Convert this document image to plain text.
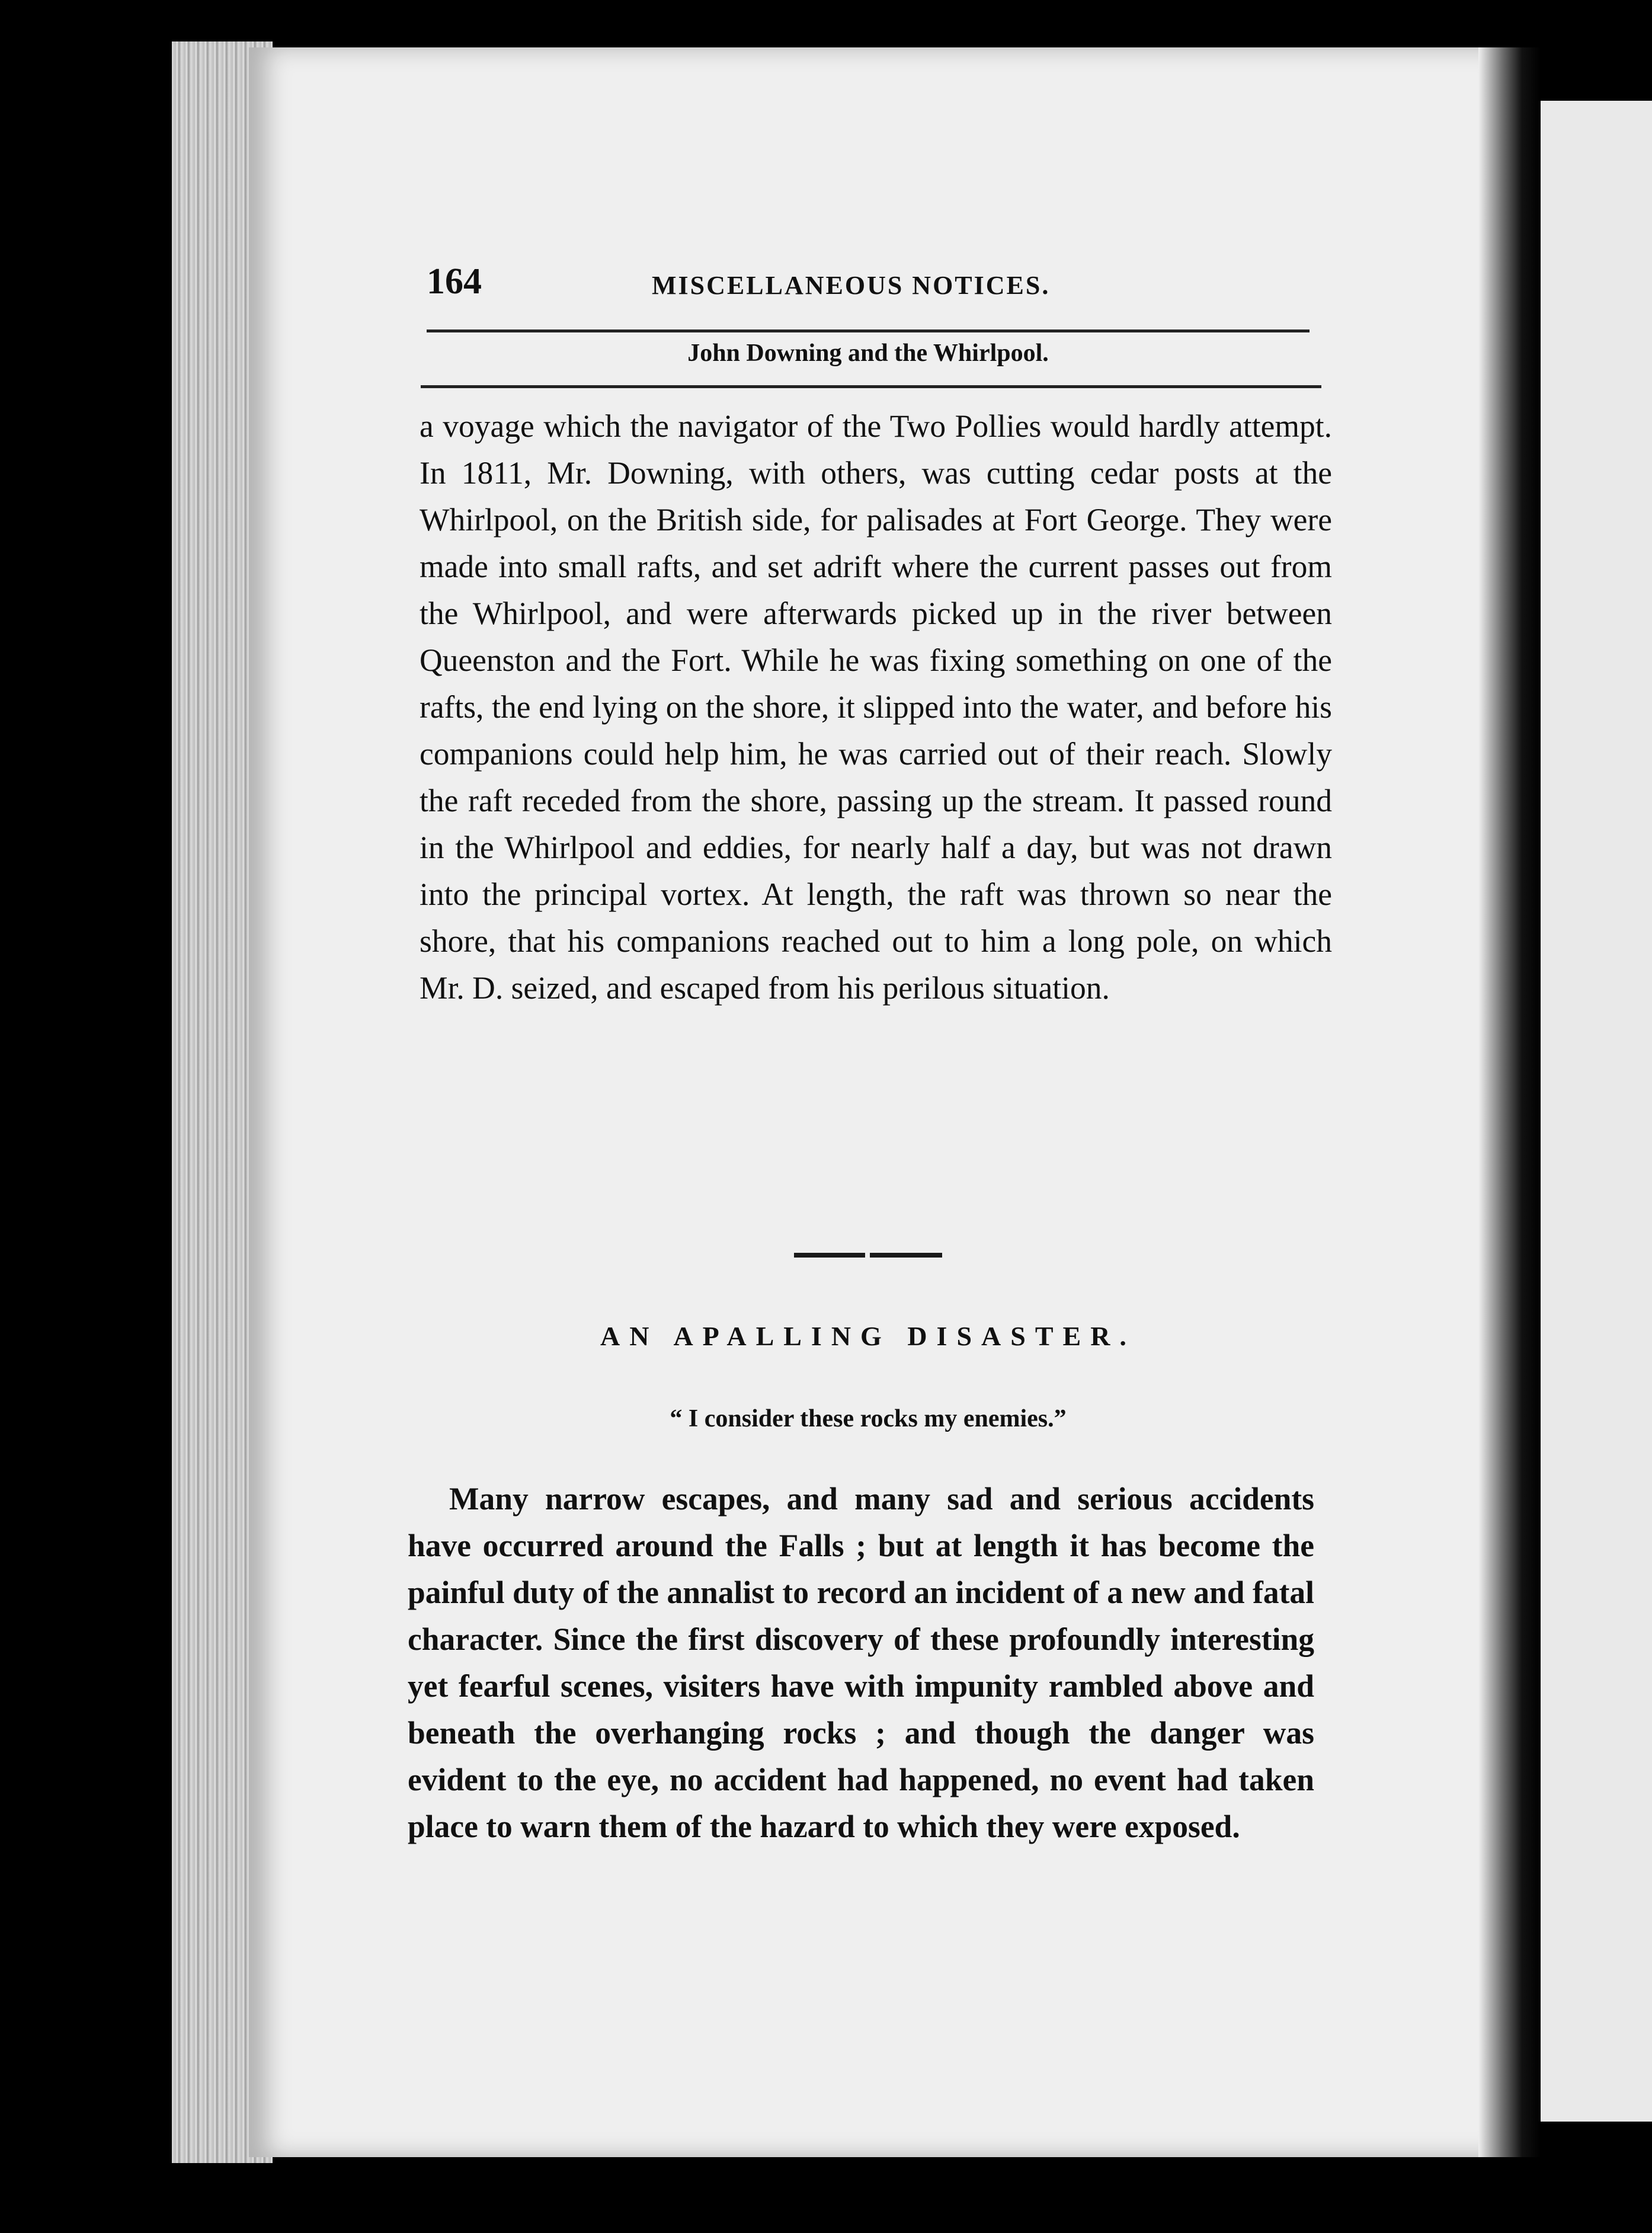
164	MISCELLANEOUS NOTICES.
John Downing and the Whirlpool.
a voyage which the navigator of the Two Pollies would hardly attempt. In 1811, Mr. Downing, with others, was cutting cedar posts at the Whirlpool, on the British side, for palisades at Fort George. They were made into small rafts, and set adrift where the current passes out from the Whirlpool, and were afterwards picked up in the river between Queenston and the Fort. While he was fixing something on one of the rafts, the end lying on the shore, it slipped into the water, and before his companions could help him, he was carried out of their reach. Slowly the raft receded from the shore, passing up the stream. It passed round in the Whirlpool and eddies, for nearly half a day, but was not drawn into the principal vortex. At length, the raft was thrown so near the shore, that his companions reached out to him a long pole, on which Mr. D. seized, and escaped from his perilous situation.
AN APALLING DISASTER.
“ I consider these rocks my enemies.”

Many narrow escapes, and many sad and serious accidents have occurred around the Falls ; but at length it has become the painful duty of the annalist to record an incident of a new and fatal character. Since the first discovery of these profoundly interesting yet fearful scenes, visiters have with impunity rambled above and beneath the overhanging rocks ; and though the danger was evident to the eye, no accident had happened, no event had taken place to warn them of the hazard to which they were exposed.
